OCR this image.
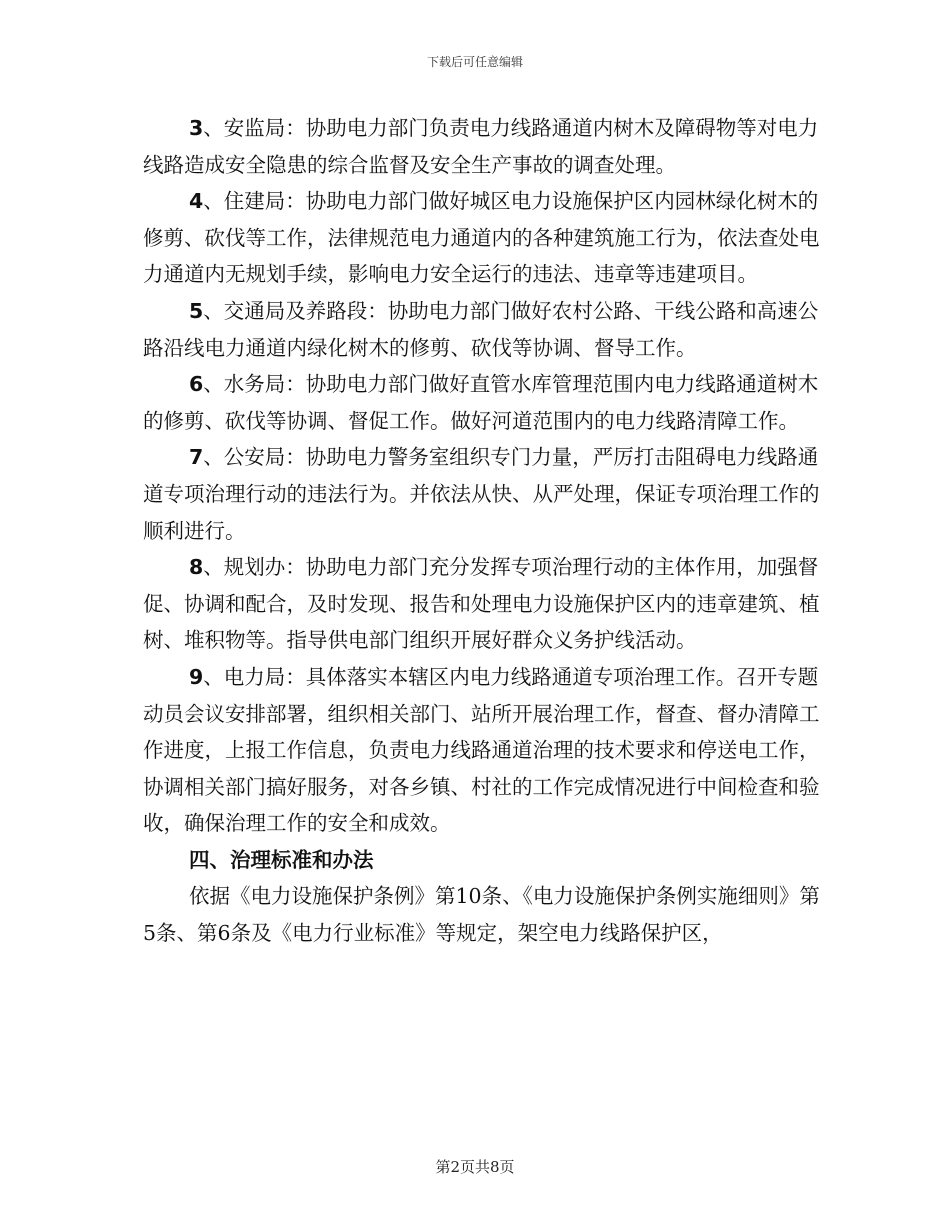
下载后可任意编辑

3、安监局：协助电力部门负责电力线路通道内树木及障碍物等对电力线路造成安全隐患的综合监督及安全生产事故的调查处理。

4、住建局：协助电力部门做好城区电力设施保护区内园林绿化树木的修剪、砍伐等工作，法律规范电力通道内的各种建筑施工行为，依法查处电力通道内无规划手续，影响电力安全运行的违法、违章等违建项目。

5、交通局及养路段：协助电力部门做好农村公路、干线公路和高速公路沿线电力通道内绿化树木的修剪、砍伐等协调、督导工作。

6、水务局：协助电力部门做好直管水库管理范围内电力线路通道树木的修剪、砍伐等协调、督促工作。做好河道范围内的电力线路清障工作。

7、公安局：协助电力警务室组织专门力量，严厉打击阻碍电力线路通道专项治理行动的违法行为。并依法从快、从严处理，保证专项治理工作的顺利进行。

8、规划办：协助电力部门充分发挥专项治理行动的主体作用，加强督促、协调和配合，及时发现、报告和处理电力设施保护区内的违章建筑、植树、堆积物等。指导供电部门组织开展好群众义务护线活动。

9、电力局：具体落实本辖区内电力线路通道专项治理工作。召开专题动员会议安排部署，组织相关部门、站所开展治理工作，督查、督办清障工作进度，上报工作信息，负责电力线路通道治理的技术要求和停送电工作，协调相关部门搞好服务，对各乡镇、村社的工作完成情况进行中间检查和验收，确保治理工作的安全和成效。

四、治理标准和办法

依据《电力设施保护条例》第10条、《电力设施保护条例实施细则》第5条、第6条及《电力行业标准》等规定，架空电力线路保护区，

第2页共8页
